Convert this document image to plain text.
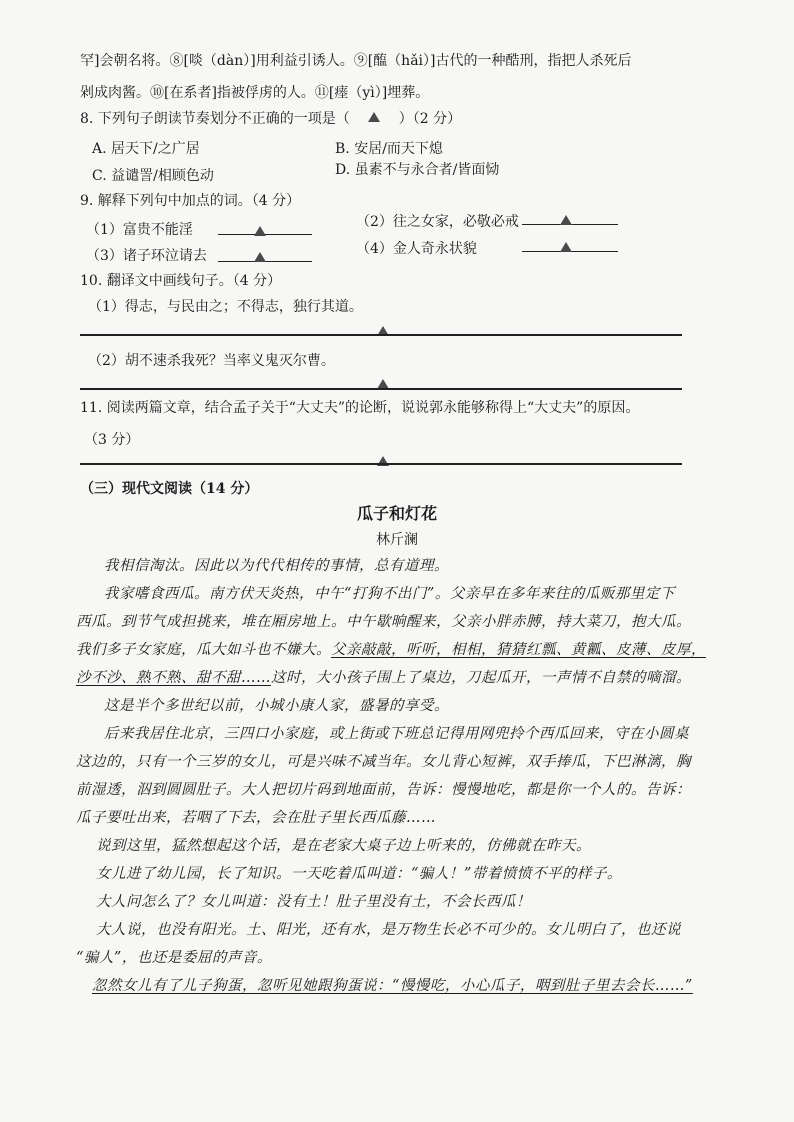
罕]会朝名将。⑧[啖（dàn）]用利益引诱人。⑨[醢（hǎi）]古代的一种酷刑，指把人杀死后
剁成肉酱。⑩[在系者]指被俘虏的人。⑪[瘗（yì）]埋葬。
8. 下列句子朗读节奏划分不正确的一项是（	）（2 分）
A. 居天下/之广居	B. 安居/而天下熄
C. 益谴詈/相顾色动	D. 虽素不与永合者/皆面恸
9. 解释下列句中加点的词。（4 分）
（1）富贵不能淫	（2）往之女家，必敬必戒
（3）诸子环泣请去	（4）金人奇永状貌
10. 翻译文中画线句子。（4 分）
（1）得志，与民由之；不得志，独行其道。
（2）胡不速杀我死？当率义鬼灭尔曹。
11. 阅读两篇文章，结合孟子关于“大丈夫”的论断，说说郭永能够称得上“大丈夫”的原因。
（3 分）
（三）现代文阅读（14 分）
瓜子和灯花
林斤澜
我相信淘汰。因此以为代代相传的事情，总有道理。
我家嗜食西瓜。南方伏天炎热，中午“打狗不出门”。父亲早在多年来往的瓜贩那里定下
西瓜。到节气成担挑来，堆在厢房地上。中午歇晌醒来，父亲小胖赤膊，持大菜刀，抱大瓜。
我们多子女家庭，瓜大如斗也不嫌大。父亲敲敲，听听，相相，猜猜红瓢、黄瓤、皮薄、皮厚，
沙不沙、熟不熟、甜不甜……这时，大小孩子围上了桌边，刀起瓜开，一声情不自禁的嘀溜。
这是半个多世纪以前，小城小康人家，盛暑的享受。
后来我居住北京，三四口小家庭，或上街或下班总记得用网兜拎个西瓜回来，守在小圆桌
这边的，只有一个三岁的女儿，可是兴味不减当年。女儿背心短裤，双手捧瓜，下巴淋漓，胸
前湿透，泅到圆圆肚子。大人把切片码到地面前，告诉：慢慢地吃，都是你一个人的。告诉：
瓜子要吐出来，若咽了下去，会在肚子里长西瓜藤……
说到这里，猛然想起这个话，是在老家大桌子边上听来的，仿佛就在昨天。
女儿进了幼儿园，长了知识。一天吃着瓜叫道：“骗人！”带着愤愤不平的样子。
大人问怎么了？女儿叫道：没有土！肚子里没有土，不会长西瓜！
大人说，也没有阳光。土、阳光，还有水，是万物生长必不可少的。女儿明白了，也还说
“骗人”，也还是委屈的声音。
忽然女儿有了儿子狗蛋，忽听见她跟狗蛋说：“慢慢吃，小心瓜子，咽到肚子里去会长……”
